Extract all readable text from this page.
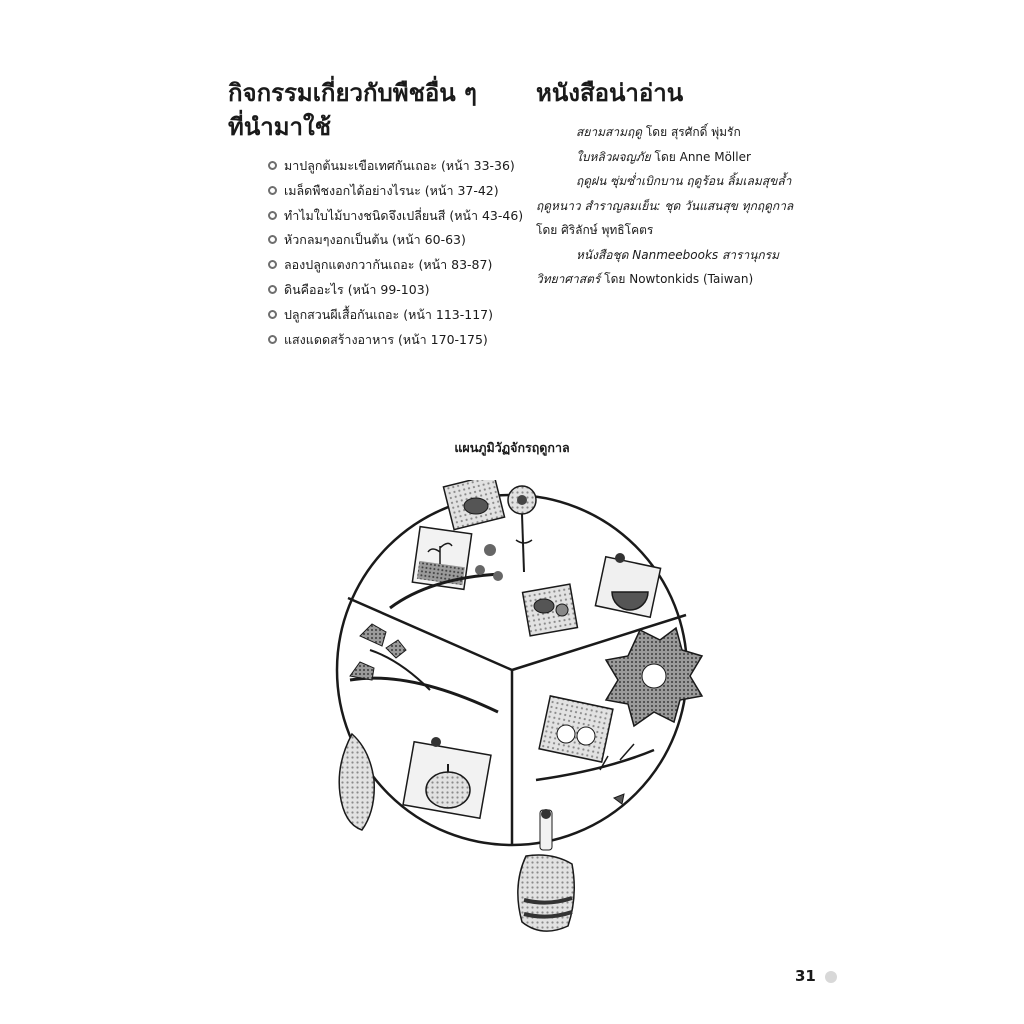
กิจกรรมเกี่ยวกับพืชอื่น ๆ
ที่นำมาใช้
มาปลูกต้นมะเขือเทศกันเถอะ (หน้า 33-36)
เมล็ดพืชงอกได้อย่างไรนะ (หน้า 37-42)
ทำไมใบไม้บางชนิดจึงเปลี่ยนสี (หน้า 43-46)
หัวกลมๆงอกเป็นต้น (หน้า 60-63)
ลองปลูกแตงกวากันเถอะ (หน้า 83-87)
ดินคืออะไร (หน้า 99-103)
ปลูกสวนผีเสื้อกันเถอะ (หน้า 113-117)
แสงแดดสร้างอาหาร (หน้า 170-175)
หนังสือน่าอ่าน

สยามสามฤดู โดย สุรศักดิ์ พุ่มรัก

ใบหลิวผจญภัย โดย Anne Möller

ฤดูฝน ซุ่มซ่ำเบิกบาน ฤดูร้อน ลิ้มเลมสุขล้ำ

ฤดูหนาว สำราญลมเย็น: ชุด วันแสนสุข ทุกฤดูกาล

โดย ศิริลักษ์ พุทธิโคตร

หนังสือชุด Nanmeebooks สารานุกรม

วิทยาศาสตร์ โดย Nowtonkids (Taiwan)

แผนภูมิวัฏจักรฤดูกาล
31
